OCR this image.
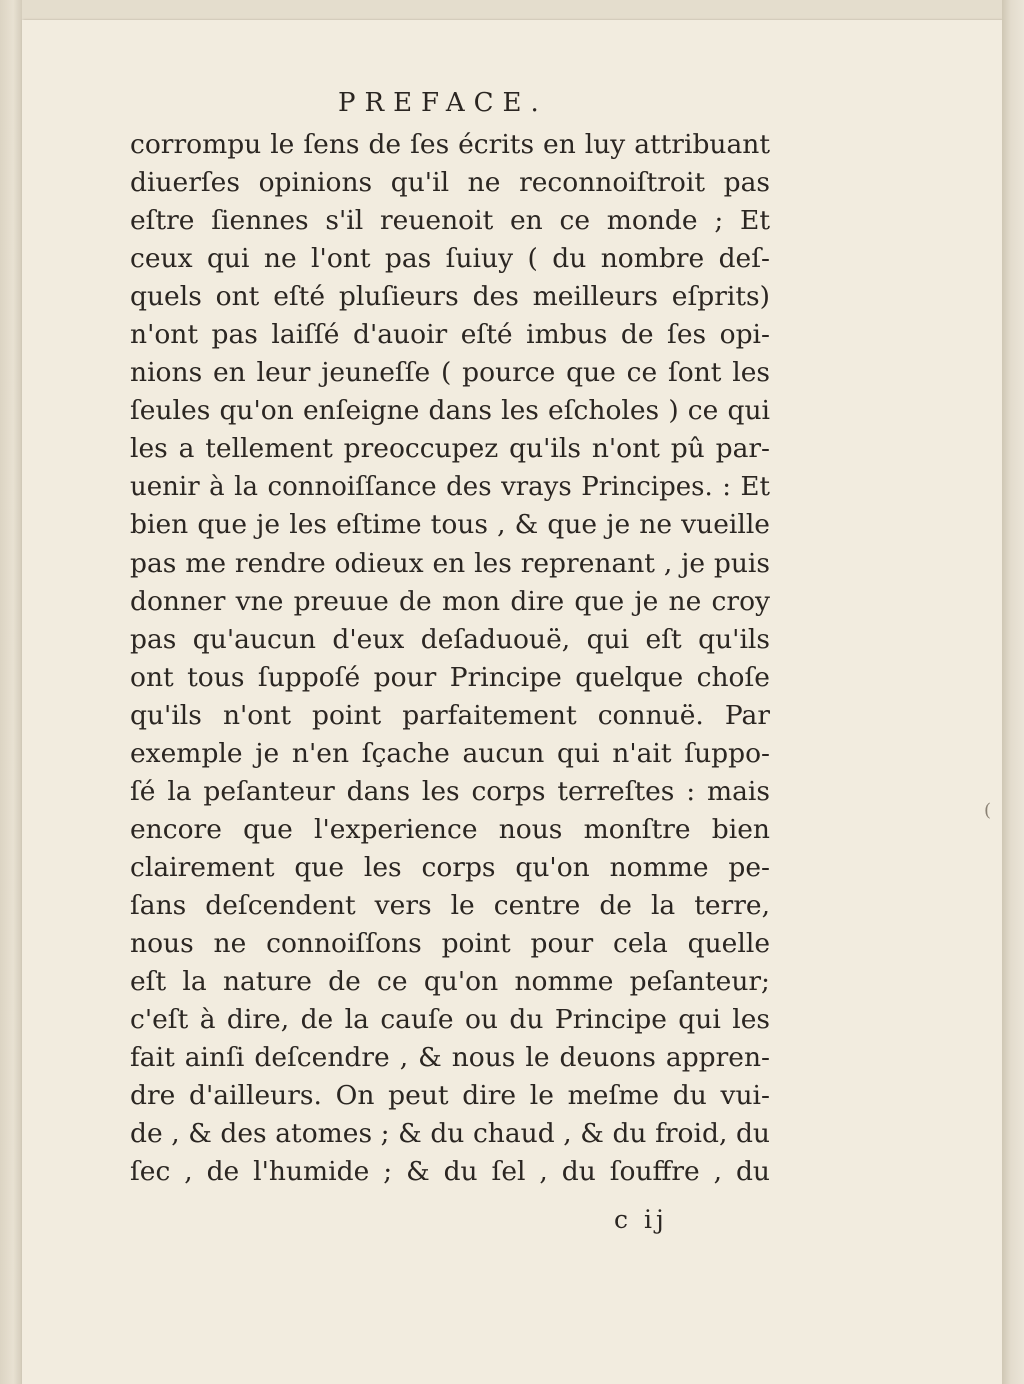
PREFACE.
corrompu le ſens de ſes écrits en luy attribuant
diuerſes opinions qu'il ne reconnoiſtroit pas
eſtre ſiennes s'il reuenoit en ce monde ; Et
ceux qui ne l'ont pas ſuiuy ( du nombre deſ-
quels ont eſté pluſieurs des meilleurs eſprits)
n'ont pas laiſſé d'auoir eſté imbus de ſes opi-
nions en leur jeuneſſe ( pource que ce ſont les
ſeules qu'on enſeigne dans les eſcholes ) ce qui
les a tellement preoccupez qu'ils n'ont pû par-
uenir à la connoiſſance des vrays Principes. : Et
bien que je les eſtime tous , & que je ne vueille
pas me rendre odieux en les reprenant , je puis
donner vne preuue de mon dire que je ne croy
pas qu'aucun d'eux deſaduouë, qui eſt qu'ils
ont tous ſuppoſé pour Principe quelque choſe
qu'ils n'ont point parfaitement connuë. Par
exemple je n'en ſçache aucun qui n'ait ſuppo-
ſé la peſanteur dans les corps terreſtes : mais
encore que l'experience nous monſtre bien
clairement que les corps qu'on nomme pe-
ſans deſcendent vers le centre de la terre,
nous ne connoiſſons point pour cela quelle
eſt la nature de ce qu'on nomme peſanteur;
c'eſt à dire, de la cauſe ou du Principe qui les
fait ainſi deſcendre , & nous le deuons appren-
dre d'ailleurs. On peut dire le meſme du vui-
de , & des atomes ; & du chaud , & du froid, du
ſec , de l'humide ; & du ſel , du ſouffre , du
c ij
(
